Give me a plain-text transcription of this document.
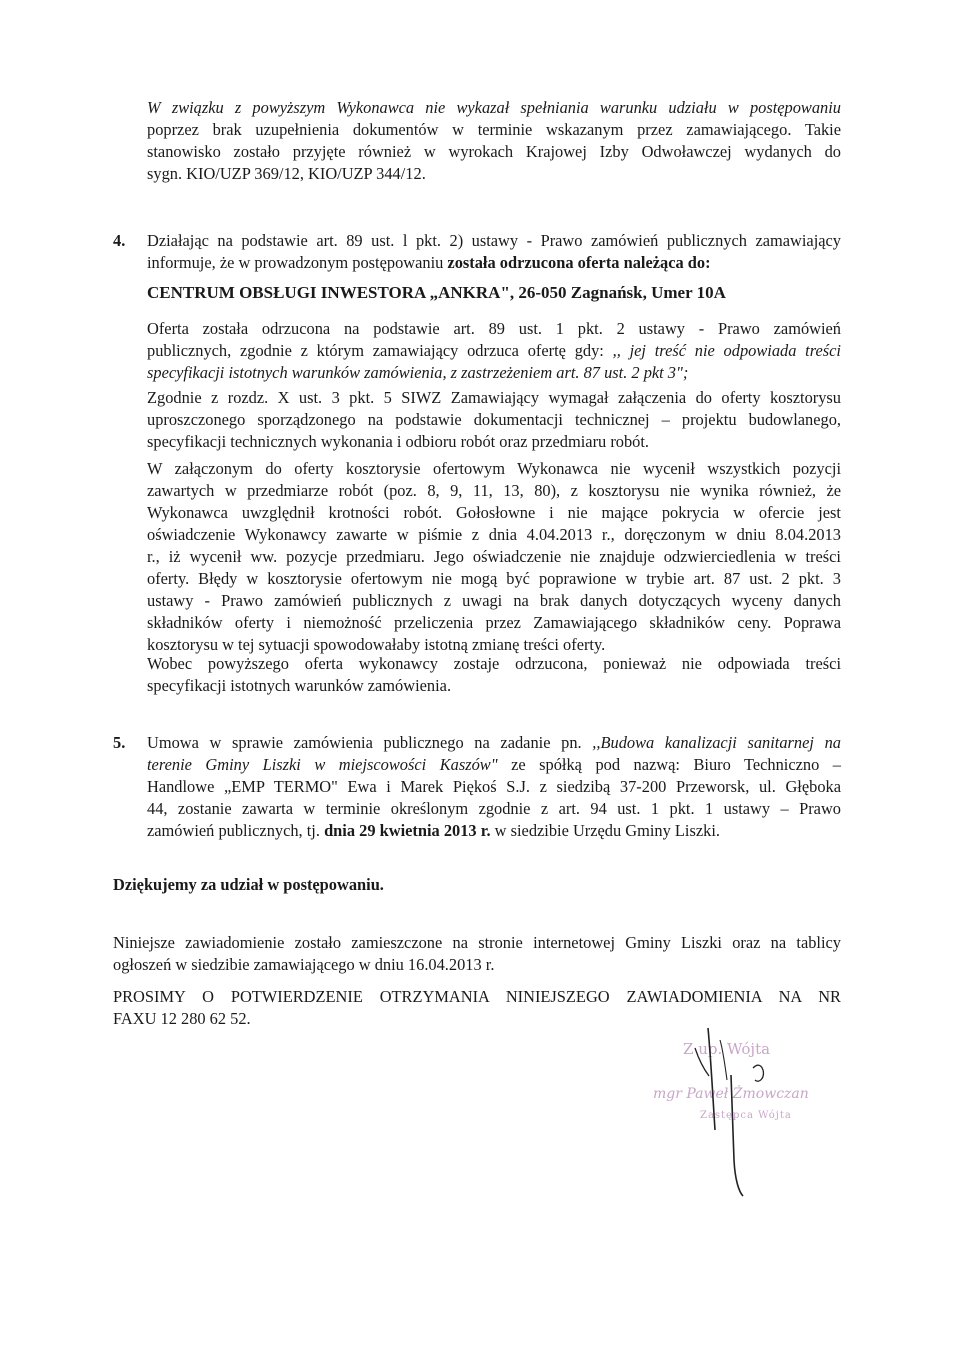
W związku z powyższym Wykonawca nie wykazał spełniania warunku udziału w postępowaniu
poprzez brak uzupełnienia dokumentów w terminie wskazanym przez zamawiającego. Takie
stanowisko zostało przyjęte również w wyrokach Krajowej Izby Odwoławczej wydanych do
sygn. KIO/UZP 369/12, KIO/UZP 344/12.
4. Działając na podstawie art. 89 ust. l pkt. 2) ustawy - Prawo zamówień publicznych zamawiający
informuje, że w prowadzonym postępowaniu została odrzucona oferta należąca do:
CENTRUM OBSŁUGI INWESTORA „ANKRA", 26-050 Zagnańsk, Umer 10A
Oferta została odrzucona na podstawie art. 89 ust. 1 pkt. 2 ustawy - Prawo zamówień
publicznych, zgodnie z którym zamawiający odrzuca ofertę gdy: ,, jej treść nie odpowiada treści
specyfikacji istotnych warunków zamówienia, z zastrzeżeniem art. 87 ust. 2 pkt 3";
Zgodnie z rozdz. X ust. 3 pkt. 5 SIWZ Zamawiający wymagał załączenia do oferty kosztorysu
uproszczonego sporządzonego na podstawie dokumentacji technicznej – projektu budowlanego,
specyfikacji technicznych wykonania i odbioru robót oraz przedmiaru robót.
W załączonym do oferty kosztorysie ofertowym Wykonawca nie wycenił wszystkich pozycji
zawartych w przedmiarze robót (poz. 8, 9, 11, 13, 80), z kosztorysu nie wynika również, że
Wykonawca uwzględnił krotności robót. Gołosłowne i nie mające pokrycia w ofercie jest
oświadczenie Wykonawcy zawarte w piśmie z dnia 4.04.2013 r., doręczonym w dniu 8.04.2013
r., iż wycenił ww. pozycje przedmiaru. Jego oświadczenie nie znajduje odzwierciedlenia w treści
oferty. Błędy w kosztorysie ofertowym nie mogą być poprawione w trybie art. 87 ust. 2 pkt. 3
ustawy - Prawo zamówień publicznych z uwagi na brak danych dotyczących wyceny danych
składników oferty i niemożność przeliczenia przez Zamawiającego składników ceny. Poprawa
kosztorysu w tej sytuacji spowodowałaby istotną zmianę treści oferty.
Wobec powyższego oferta wykonawcy zostaje odrzucona, ponieważ nie odpowiada treści
specyfikacji istotnych warunków zamówienia.
5. Umowa w sprawie zamówienia publicznego na zadanie pn. ,,Budowa kanalizacji sanitarnej na
terenie Gminy Liszki w miejscowości Kaszów" ze spółką pod nazwą: Biuro Techniczno –
Handlowe „EMP TERMO" Ewa i Marek Piękoś S.J. z siedzibą 37-200 Przeworsk, ul. Głęboka
44, zostanie zawarta w terminie określonym zgodnie z art. 94 ust. 1 pkt. 1 ustawy – Prawo
zamówień publicznych, tj. dnia 29 kwietnia 2013 r. w siedzibie Urzędu Gminy Liszki.
Dziękujemy za udział w postępowaniu.
Niniejsze zawiadomienie zostało zamieszczone na stronie internetowej Gminy Liszki oraz na tablicy
ogłoszeń w siedzibie zamawiającego w dniu 16.04.2013 r.
PROSIMY O POTWIERDZENIE OTRZYMANIA NINIEJSZEGO ZAWIADOMIENIA NA NR
FAXU 12 280 62 52.
Z up. Wójta
mgr Paweł Żmowczan
Zastępca Wójta
